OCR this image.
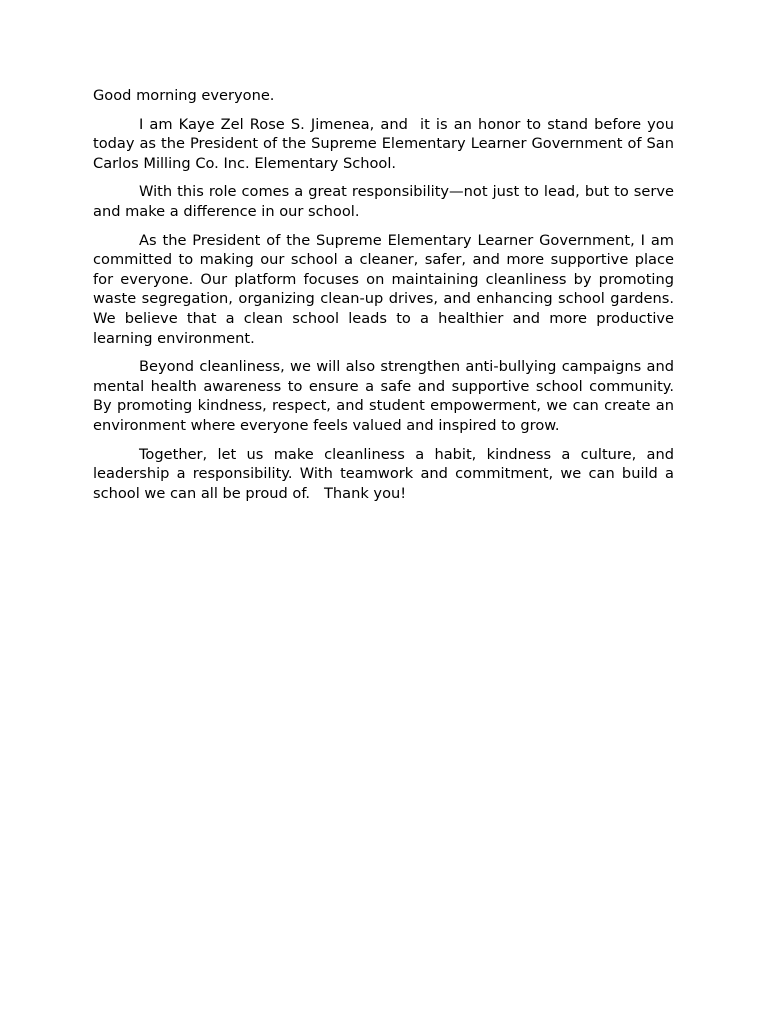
Good morning everyone.

I am Kaye Zel Rose S. Jimenea, and  it is an honor to stand before you today as the President of the Supreme Elementary Learner Government of San Carlos Milling Co. Inc. Elementary School.

With this role comes a great responsibility—not just to lead, but to serve and make a difference in our school.

As the President of the Supreme Elementary Learner Government, I am committed to making our school a cleaner, safer, and more supportive place for everyone. Our platform focuses on maintaining cleanliness by promoting waste segregation, organizing clean-up drives, and enhancing school gardens. We believe that a clean school leads to a healthier and more productive learning environment.

Beyond cleanliness, we will also strengthen anti-bullying campaigns and mental health awareness to ensure a safe and supportive school community. By promoting kindness, respect, and student empowerment, we can create an environment where everyone feels valued and inspired to grow.

Together, let us make cleanliness a habit, kindness a culture, and leadership a responsibility. With teamwork and commitment, we can build a school we can all be proud of.   Thank you!
